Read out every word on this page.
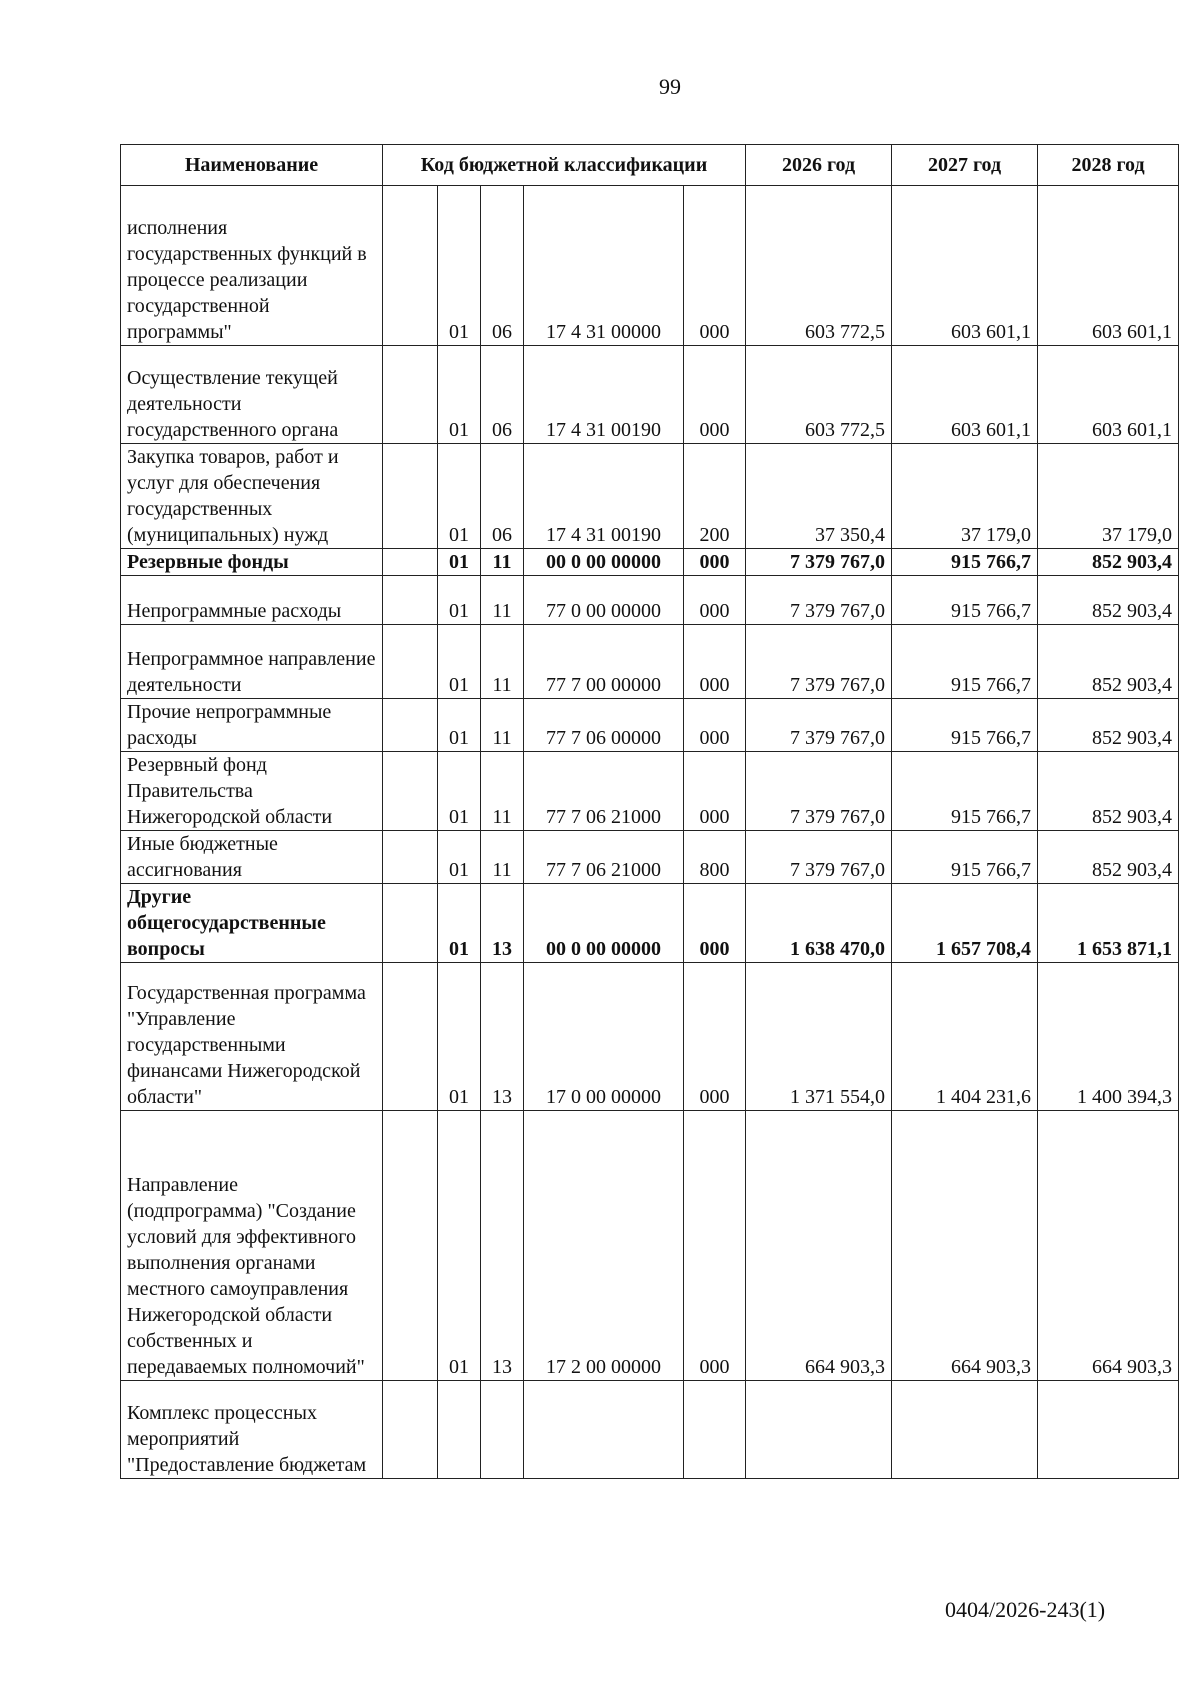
99
Наименование	Код бюджетной классификации					2026 год	2027 год	2028 год
исполнения государственных функций в процессе реализации государственной программы"		01	06	17 4 31 00000	000	603 772,5	603 601,1	603 601,1
Осуществление текущей деятельности государственного органа		01	06	17 4 31 00190	000	603 772,5	603 601,1	603 601,1
Закупка товаров, работ и услуг для обеспечения государственных (муниципальных) нужд		01	06	17 4 31 00190	200	37 350,4	37 179,0	37 179,0
Резервные фонды		01	11	00 0 00 00000	000	7 379 767,0	915 766,7	852 903,4
Непрограммные расходы		01	11	77 0 00 00000	000	7 379 767,0	915 766,7	852 903,4
Непрограммное направление деятельности		01	11	77 7 00 00000	000	7 379 767,0	915 766,7	852 903,4
Прочие непрограммные расходы		01	11	77 7 06 00000	000	7 379 767,0	915 766,7	852 903,4
Резервный фонд Правительства Нижегородской области		01	11	77 7 06 21000	000	7 379 767,0	915 766,7	852 903,4
Иные бюджетные ассигнования		01	11	77 7 06 21000	800	7 379 767,0	915 766,7	852 903,4
Другие общегосударственные вопросы		01	13	00 0 00 00000	000	1 638 470,0	1 657 708,4	1 653 871,1
Государственная программа "Управление государственными финансами Нижегородской области"		01	13	17 0 00 00000	000	1 371 554,0	1 404 231,6	1 400 394,3
Направление (подпрограмма) "Создание условий для эффективного выполнения органами местного самоуправления Нижегородской области собственных и передаваемых полномочий"		01	13	17 2 00 00000	000	664 903,3	664 903,3	664 903,3
Комплекс процессных мероприятий "Предоставление бюджетам								
0404/2026-243(1)
